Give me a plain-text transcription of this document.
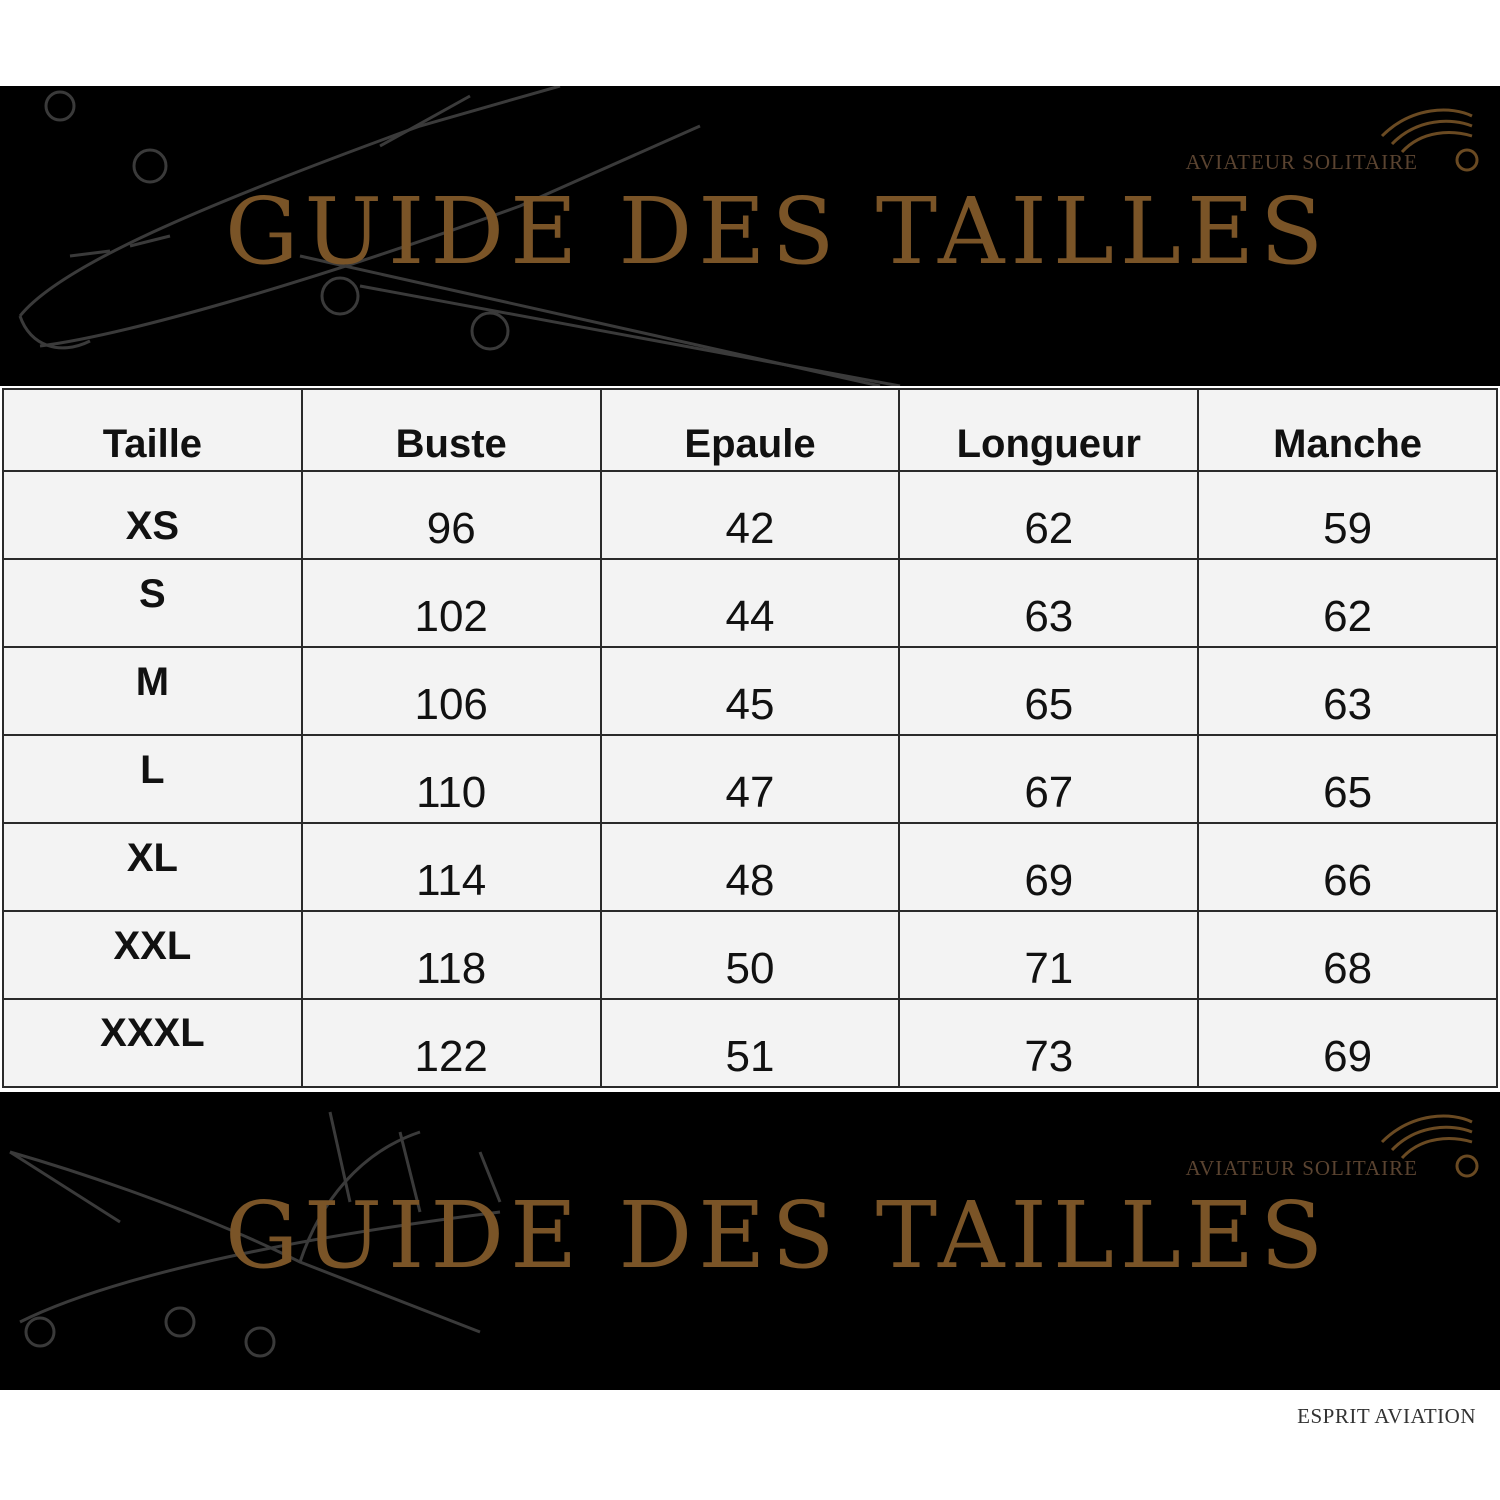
AVIATEUR SOLITAIRE
GUIDE DES TAILLES
Taille	Buste	Epaule	Longueur	Manche
XS	96	42	62	59
S	102	44	63	62
M	106	45	65	63
L	110	47	67	65
XL	114	48	69	66
XXL	118	50	71	68
XXXL	122	51	73	69
AVIATEUR SOLITAIRE
GUIDE DES TAILLES
ESPRIT AVIATION
